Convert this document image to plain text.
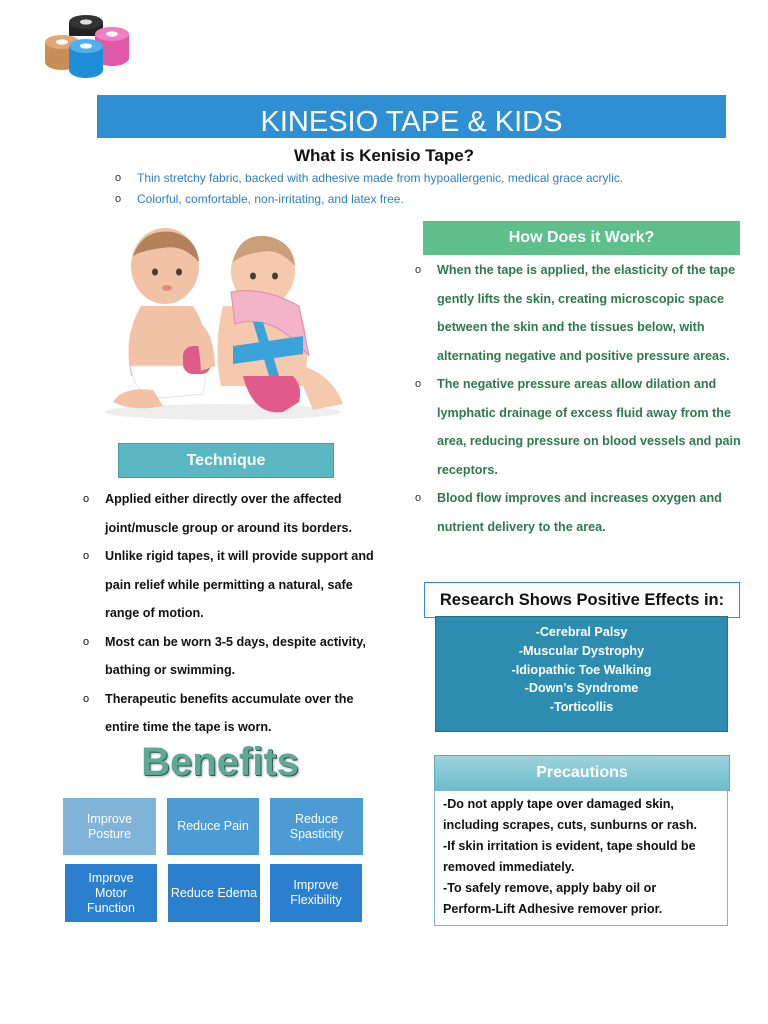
KINESIO TAPE & KIDS
What is Kenisio Tape?
o Thin stretchy fabric, backed with adhesive made from hypoallergenic, medical grace acrylic.
o Colorful, comfortable, non-irritating, and latex free.
How Does it Work?
o When the tape is applied, the elasticity of the tape gently lifts the skin, creating microscopic space between the skin and the tissues below, with alternating negative and positive pressure areas.
o The negative pressure areas allow dilation and lymphatic drainage of excess fluid away from the area, reducing pressure on blood vessels and pain receptors.
o Blood flow improves and increases oxygen and nutrient delivery to the area.
Technique
o Applied either directly over the affected joint/muscle group or around its borders.
o Unlike rigid tapes, it will provide support and pain relief while permitting a natural, safe range of motion.
o Most can be worn 3-5 days, despite activity, bathing or swimming.
o Therapeutic benefits accumulate over the entire time the tape is worn.
Research Shows Positive Effects in:
-Cerebral Palsy
-Muscular Dystrophy
-Idiopathic Toe Walking
-Down’s Syndrome
-Torticollis
Benefits
Improve Posture
Reduce Pain
Reduce Spasticity
Improve Motor Function
Reduce Edema
Improve Flexibility
Precautions
-Do not apply tape over damaged skin,
including scrapes, cuts, sunburns or rash.
-If skin irritation is evident, tape should be
removed immediately.
-To safely remove, apply baby oil or
Perform-Lift Adhesive remover prior.
